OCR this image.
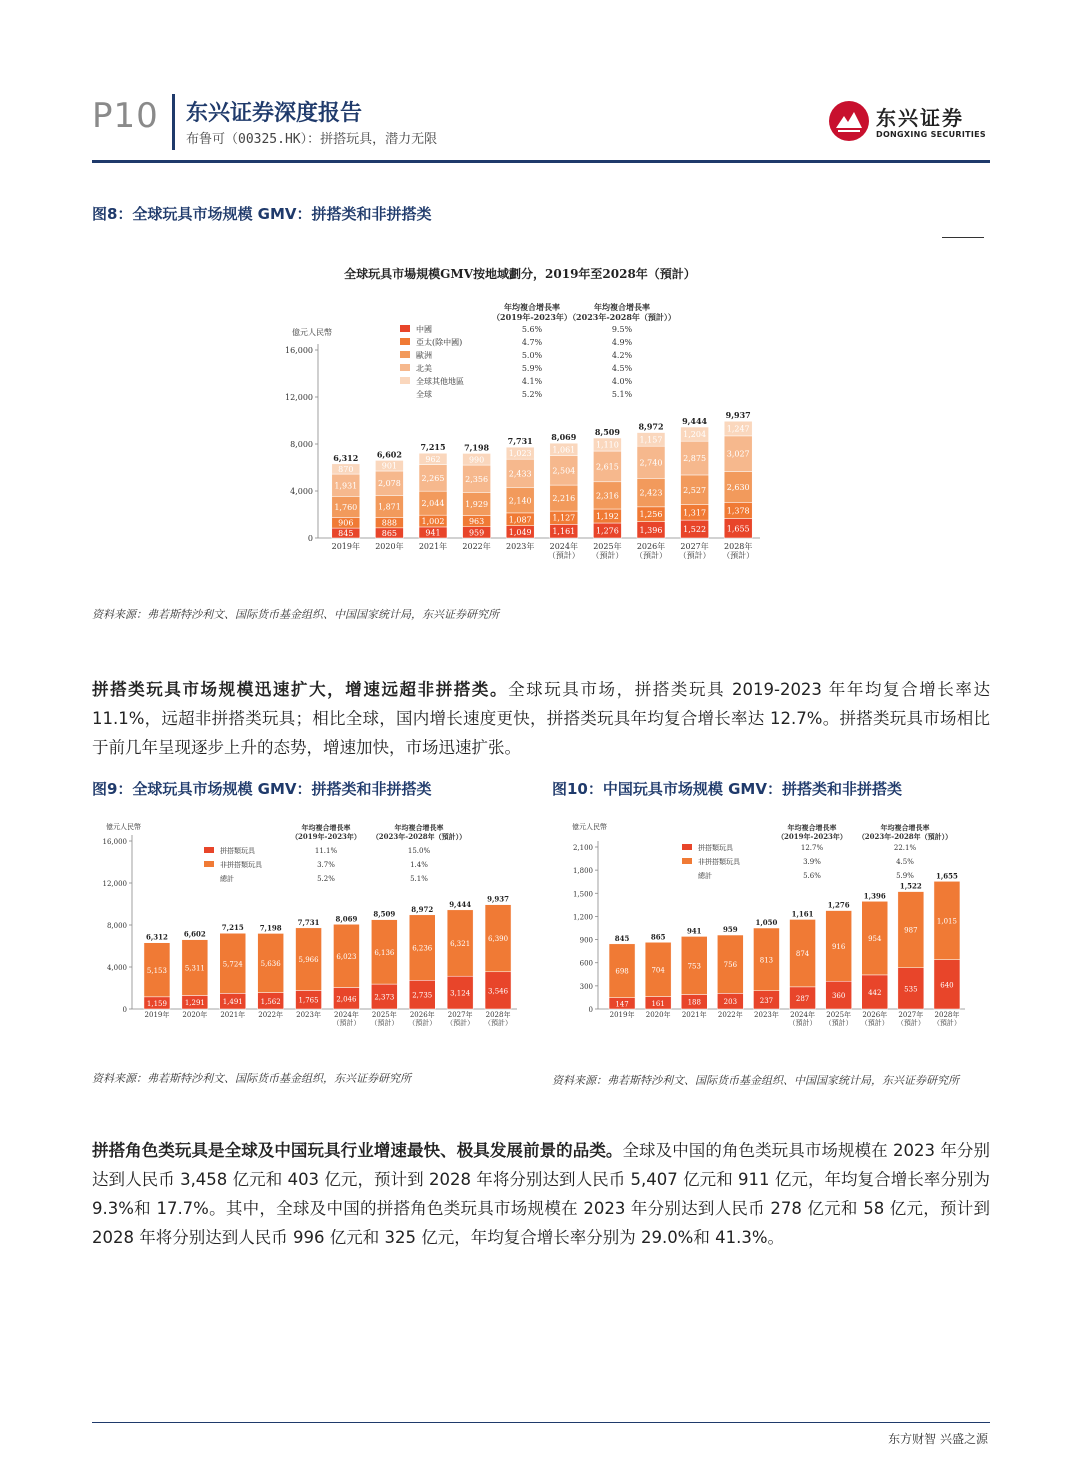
P10 东兴证券深度报告
布鲁可（00325.HK）：拼搭玩具，潜力无限
东兴证券
DONGXING SECURITIES
图8：全球玩具市场规模 GMV：拼搭类和非拼搭类
全球玩具市場規模GMV按地域劃分，2019年至2028年（預計）
億元人民幣
0
4,000
8,000
12,000
16,000
年均複合增長率
（2019年-2023年）
年均複合增長率
（2023年-2028年（預計））
中國	5.6%	9.5%
亞太(除中國)	4.7%	4.9%
歐洲	5.0%	4.2%
北美	5.9%	4.5%
全球其他地區	4.1%	4.0%
全球	5.2%	5.1%
845
906
1,760
1,931
870
6,312
2019年
865
888
1,871
2,078
901
6,602
2020年
941
1,002
2,044
2,265
962
7,215
2021年
959
963
1,929
2,356
990
7,198
2022年
1,049
1,087
2,140
2,433
1,023
7,731
2023年
1,161
1,127
2,216
2,504
1,061
8,069
2024年
（預計）
1,276
1,192
2,316
2,615
1,110
8,509
2025年
（預計）
1,396
1,256
2,423
2,740
1,157
8,972
2026年
（預計）
1,522
1,317
2,527
2,875
1,204
9,444
2027年
（預計）
1,655
1,378
2,630
3,027
1,247
9,937
2028年
（預計）
资料来源：弗若斯特沙利文、国际货币基金组织、中国国家统计局，东兴证券研究所
拼搭类玩具市场规模迅速扩大，增速远超非拼搭类。全球玩具市场，拼搭类玩具 2019-2023 年年均复合增长率达 11.1%，远超非拼搭类玩具；相比全球，国内增长速度更快，拼搭类玩具年均复合增长率达 12.7%。拼搭类玩具市场相比于前几年呈现逐步上升的态势，增速加快，市场迅速扩张。
图9：全球玩具市场规模 GMV：拼搭类和非拼搭类
億元人民幣
0
4,000
8,000
12,000
16,000
年均複合增長率
（2019年-2023年）
年均複合增長率
（2023年-2028年（預計））
拼搭類玩具	11.1%	15.0%
非拼搭類玩具	3.7%	1.4%
總計	5.2%	5.1%
1,159
5,153
6,312
2019年
1,291
5,311
6,602
2020年
1,491
5,724
7,215
2021年
1,562
5,636
7,198
2022年
1,765
5,966
7,731
2023年
2,046
6,023
8,069
2024年
（預計）
2,373
6,136
8,509
2025年
（預計）
2,735
6,236
8,972
2026年
（預計）
3,124
6,321
9,444
2027年
（預計）
3,546
6,390
9,937
2028年
（預計）
资料来源：弗若斯特沙利文、国际货币基金组织，东兴证券研究所
图10：中国玩具市场规模 GMV：拼搭类和非拼搭类
億元人民幣
0
300
600
900
1,200
1,500
1,800
2,100
年均複合增長率
（2019年-2023年）
年均複合增長率
（2023年-2028年（預計））
拼搭類玩具	12.7%	22.1%
非拼搭類玩具	3.9%	4.5%
總計	5.6%	5.9%
147
698
845
2019年
161
704
865
2020年
188
753
941
2021年
203
756
959
2022年
237
813
1,050
2023年
287
874
1,161
2024年
（預計）
360
916
1,276
2025年
（預計）
442
954
1,396
2026年
（預計）
535
987
1,522
2027年
（預計）
640
1,015
1,655
2028年
（預計）
资料来源：弗若斯特沙利文、国际货币基金组织、中国国家统计局，东兴证券研究所
拼搭角色类玩具是全球及中国玩具行业增速最快、极具发展前景的品类。全球及中国的角色类玩具市场规模在 2023 年分别达到人民币 3,458 亿元和 403 亿元，预计到 2028 年将分别达到人民币 5,407 亿元和 911 亿元，年均复合增长率分别为 9.3%和 17.7%。其中，全球及中国的拼搭角色类玩具市场规模在 2023 年分别达到人民币 278 亿元和 58 亿元，预计到 2028 年将分别达到人民币 996 亿元和 325 亿元，年均复合增长率分别为 29.0%和 41.3%。
东方财智 兴盛之源
